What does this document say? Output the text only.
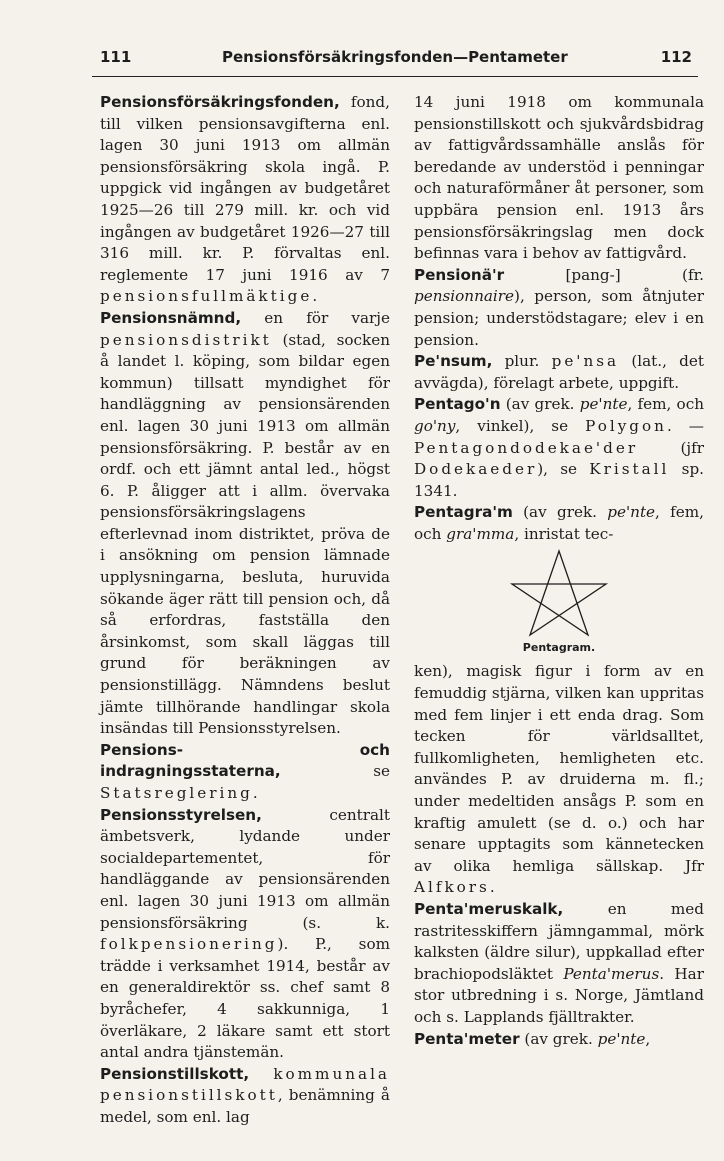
111	Pensionsförsäkringsfonden—Pentameter	112

Pensionsförsäkringsfonden, fond, till vilken pensionsavgifterna enl. lagen 30 juni 1913 om allmän pensionsförsäkring skola ingå. P. uppgick vid ingången av budgetåret 1925—26 till 279 mill. kr. och vid ingången av budgetåret 1926—27 till 316 mill. kr. P. förvaltas enl. reglemente 17 juni 1916 av 7 pensionsfullmäktige.

Pensionsnämnd, en för varje pensionsdistrikt (stad, socken å landet l. köping, som bildar egen kommun) tillsatt myndighet för handläggning av pensionsärenden enl. lagen 30 juni 1913 om allmän pensionsförsäkring. P. består av en ordf. och ett jämnt antal led., högst 6. P. åligger att i allm. övervaka pensionsförsäkringslagens efterlevnad inom distriktet, pröva de i ansökning om pension lämnade upplysningarna, besluta, huruvida sökande äger rätt till pension och, då så erfordras, fastställa den årsinkomst, som skall läggas till grund för beräkningen av pensionstillägg. Nämndens beslut jämte tillhörande handlingar skola insändas till Pensionsstyrelsen.

Pensions- och indragningsstaterna, se Statsreglering.

Pensionsstyrelsen, centralt ämbetsverk, lydande under socialdepartementet, för handläggande av pensionsärenden enl. lagen 30 juni 1913 om allmän pensionsförsäkring (s. k. folkpensionering). P., som trädde i verksamhet 1914, består av en generaldirektör ss. chef samt 8 byråchefer, 4 sakkunniga, 1 överläkare, 2 läkare samt ett stort antal andra tjänstemän.

Pensionstillskott, kommunala pensionstillskott, benämning å medel, som enl. lag

14 juni 1918 om kommunala pensionstillskott och sjukvårdsbidrag av fattigvårdssamhälle anslås för beredande av understöd i penningar och naturaförmåner åt personer, som uppbära pension enl. 1913 års pensionsförsäkringslag men dock befinnas vara i behov av fattigvård.

Pensionä'r [pang-] (fr. pensionnaire), person, som åtnjuter pension; understödstagare; elev i en pension.

Pe'nsum, plur. pe'nsa (lat., det avvägda), förelagt arbete, uppgift.

Pentago'n (av grek. pe'nte, fem, och go'ny, vinkel), se Polygon. — Pentagondodekae'der (jfr Dodekaeder), se Kristall sp. 1341.

Pentagra'm (av grek. pe'nte, fem, och gra'mma, inristat tec-

Pentagram.

ken), magisk figur i form av en femuddig stjärna, vilken kan uppritas med fem linjer i ett enda drag. Som tecken för världsalltet, fullkomligheten, hemligheten etc. användes P. av druiderna m. fl.; under medeltiden ansågs P. som en kraftig amulett (se d. o.) och har senare upptagits som kännetecken av olika hemliga sällskap. Jfr Alfkors.

Penta'meruskalk, en med rastritesskiffern jämngammal, mörk kalksten (äldre silur), uppkallad efter brachiopodsläktet Penta'merus. Har stor utbredning i s. Norge, Jämtland och s. Lapplands fjälltrakter.

Penta'meter (av grek. pe'nte,
